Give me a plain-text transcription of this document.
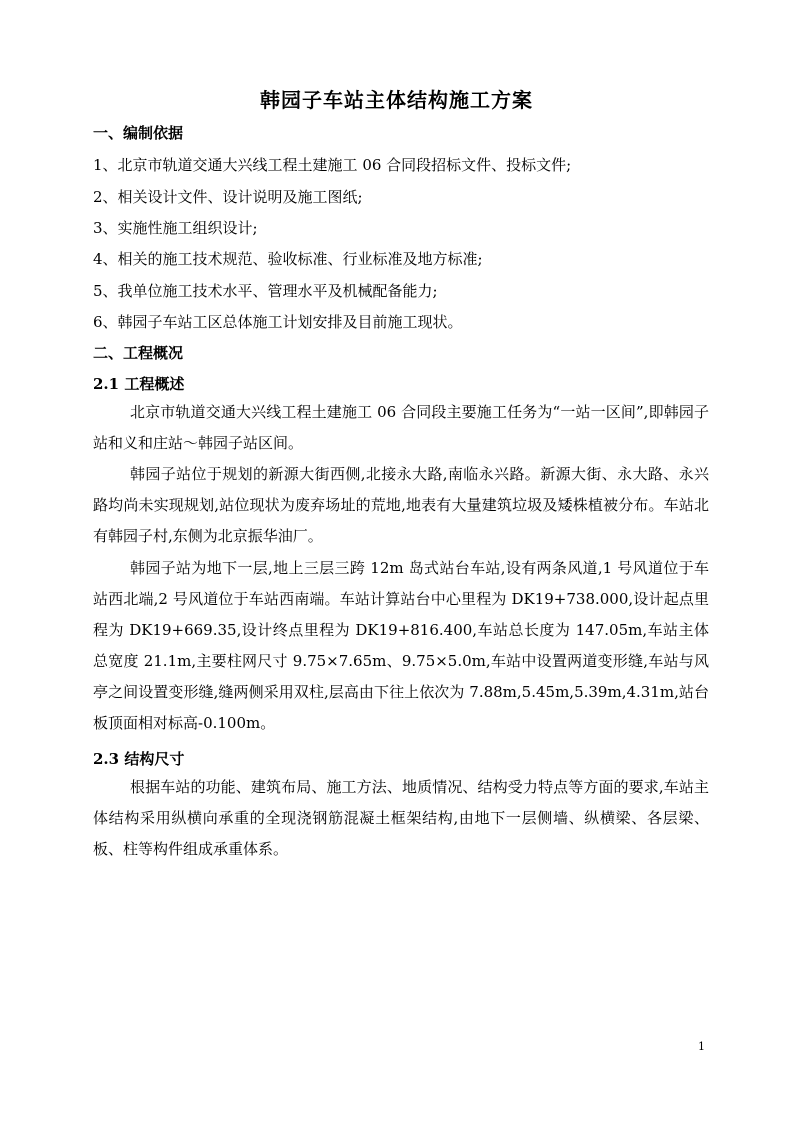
韩园子车站主体结构施工方案
一、编制依据
1、北京市轨道交通大兴线工程土建施工 06 合同段招标文件、投标文件;
2、相关设计文件、设计说明及施工图纸;
3、实施性施工组织设计;
4、相关的施工技术规范、验收标准、行业标准及地方标准;
5、我单位施工技术水平、管理水平及机械配备能力;
6、韩园子车站工区总体施工计划安排及目前施工现状。
二、工程概况
2.1 工程概述
北京市轨道交通大兴线工程土建施工 06 合同段主要施工任务为“一站一区间”,即韩园子站和义和庄站～韩园子站区间。
韩园子站位于规划的新源大街西侧,北接永大路,南临永兴路。新源大街、永大路、永兴路均尚未实现规划,站位现状为废弃场址的荒地,地表有大量建筑垃圾及矮株植被分布。车站北有韩园子村,东侧为北京振华油厂。
韩园子站为地下一层,地上三层三跨 12m 岛式站台车站,设有两条风道,1 号风道位于车站西北端,2 号风道位于车站西南端。车站计算站台中心里程为 DK19+738.000,设计起点里程为 DK19+669.35,设计终点里程为 DK19+816.400,车站总长度为 147.05m,车站主体总宽度 21.1m,主要柱网尺寸 9.75×7.65m、9.75×5.0m,车站中设置两道变形缝,车站与风亭之间设置变形缝,缝两侧采用双柱,层高由下往上依次为 7.88m,5.45m,5.39m,4.31m,站台板顶面相对标高-0.100m。
2.3 结构尺寸
根据车站的功能、建筑布局、施工方法、地质情况、结构受力特点等方面的要求,车站主体结构采用纵横向承重的全现浇钢筋混凝土框架结构,由地下一层侧墙、纵横梁、各层梁、板、柱等构件组成承重体系。
1
